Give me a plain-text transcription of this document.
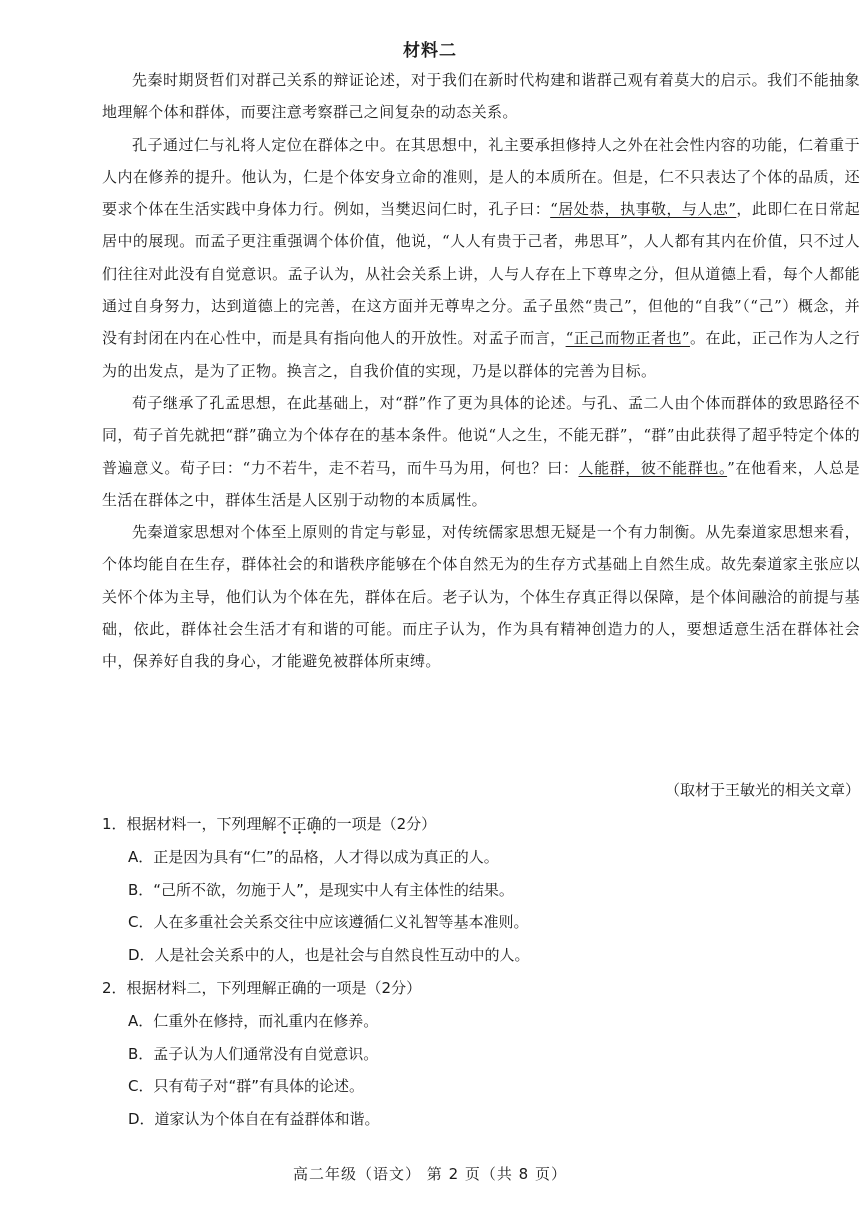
材料二

先秦时期贤哲们对群己关系的辩证论述，对于我们在新时代构建和谐群己观有着莫大的启示。我们不能抽象地理解个体和群体，而要注意考察群己之间复杂的动态关系。

孔子通过仁与礼将人定位在群体之中。在其思想中，礼主要承担修持人之外在社会性内容的功能，仁着重于人内在修养的提升。他认为，仁是个体安身立命的准则，是人的本质所在。但是，仁不只表达了个体的品质，还要求个体在生活实践中身体力行。例如，当樊迟问仁时，孔子曰：“居处恭，执事敬，与人忠”，此即仁在日常起居中的展现。而孟子更注重强调个体价值，他说，“人人有贵于己者，弗思耳”，人人都有其内在价值，只不过人们往往对此没有自觉意识。孟子认为，从社会关系上讲，人与人存在上下尊卑之分，但从道德上看，每个人都能通过自身努力，达到道德上的完善，在这方面并无尊卑之分。孟子虽然“贵己”，但他的“自我”（“己”）概念，并没有封闭在内在心性中，而是具有指向他人的开放性。对孟子而言，“正己而物正者也”。在此，正己作为人之行为的出发点，是为了正物。换言之，自我价值的实现，乃是以群体的完善为目标。

荀子继承了孔孟思想，在此基础上，对“群”作了更为具体的论述。与孔、孟二人由个体而群体的致思路径不同，荀子首先就把“群”确立为个体存在的基本条件。他说“人之生，不能无群”，“群”由此获得了超乎特定个体的普遍意义。荀子曰：“力不若牛，走不若马，而牛马为用，何也？曰：人能群，彼不能群也。”在他看来，人总是生活在群体之中，群体生活是人区别于动物的本质属性。

先秦道家思想对个体至上原则的肯定与彰显，对传统儒家思想无疑是一个有力制衡。从先秦道家思想来看，个体均能自在生存，群体社会的和谐秩序能够在个体自然无为的生存方式基础上自然生成。故先秦道家主张应以关怀个体为主导，他们认为个体在先，群体在后。老子认为，个体生存真正得以保障，是个体间融洽的前提与基础，依此，群体社会生活才有和谐的可能。而庄子认为，作为具有精神创造力的人，要想适意生活在群体社会中，保养好自我的身心，才能避免被群体所束缚。

（取材于王敏光的相关文章）
1．根据材料一，下列理解不正确的一项是（2分）
A．正是因为具有“仁”的品格，人才得以成为真正的人。
B．“己所不欲，勿施于人”，是现实中人有主体性的结果。
C．人在多重社会关系交往中应该遵循仁义礼智等基本准则。
D．人是社会关系中的人，也是社会与自然良性互动中的人。
2．根据材料二，下列理解正确的一项是（2分）
A．仁重外在修持，而礼重内在修养。
B．孟子认为人们通常没有自觉意识。
C．只有荀子对“群”有具体的论述。
D．道家认为个体自在有益群体和谐。
高二年级（语文） 第 2 页（共 8 页）
